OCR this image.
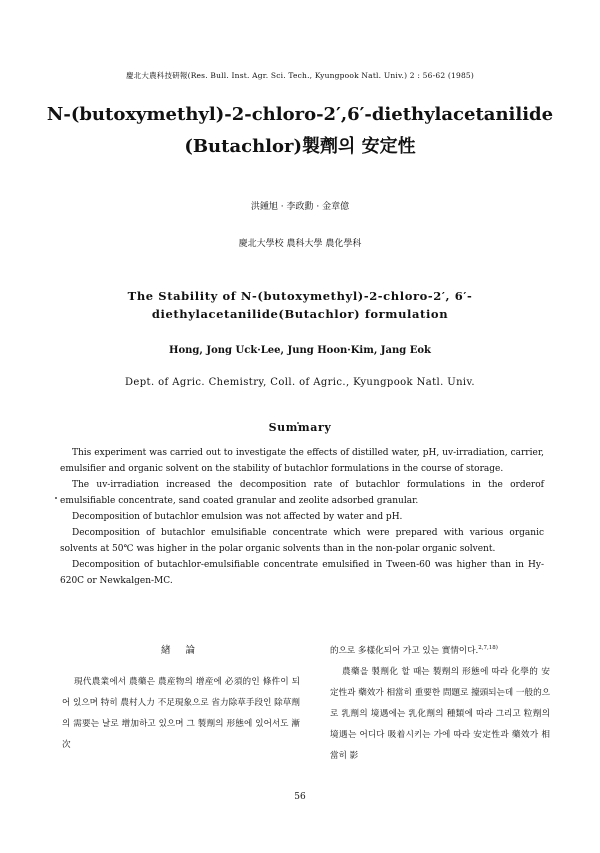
慶北大農科技硏報(Res. Bull. Inst. Agr. Sci. Tech., Kyungpook Natl. Univ.) 2 : 56-62 (1985)
N-(butoxymethyl)-2-chloro-2′,6′-diethylacetanilide
(Butachlor)製劑의 安定性
洪鍾旭 · 李政勳 · 金章億
慶北大學校 農科大學 農化學科
The Stability of N-(butoxymethyl)-2-chloro-2′, 6′-
diethylacetanilide(Butachlor) formulation
Hong, Jong Uck·Lee, Jung Hoon·Kim, Jang Eok
Dept. of Agric. Chemistry, Coll. of Agric., Kyungpook Natl. Univ.
Summary

This experiment was carried out to investigate the effects of distilled water, pH, uv-irradiation, carrier, emulsifier and organic solvent on the stability of butachlor formulations in the course of storage.

The uv-irradiation increased the decomposition rate of butachlor formulations in the orderof emulsifiable concentrate, sand coated granular and zeolite adsorbed granular.

Decomposition of butachlor emulsion was not affected by water and pH.

Decomposition of butachlor emulsifiable concentrate which were prepared with various organic solvents at 50℃ was higher in the polar organic solvents than in the non-polar organic solvent.

Decomposition of butachlor-emulsifiable concentrate emulsified in Tween-60 was higher than in Hy-620C or Newkalgen-MC.

緖 論
現代農業에서 農藥은 農産物의 增産에 必須的인 條件이 되어 있으며 特히 農村人力 不足現象으로 省力除草手段인 除草劑의 需要는 날로 增加하고 있으며 그 製劑의 形態에 있어서도 漸次
的으로 多樣化되어 가고 있는 實情이다.$^{2,7,18)}$
農藥을 製劑化 할 때는 製劑의 形態에 따라 化學的 安定性과 藥效가 相當히 重要한 問題로 擡頭되는데 一般的으로 乳劑의 境遇에는 乳化劑의 種類에 따라 그리고 粒劑의 境遇는 어디다 吸着시키는 가에 따라 安定性과 藥效가 相當히 影
56
